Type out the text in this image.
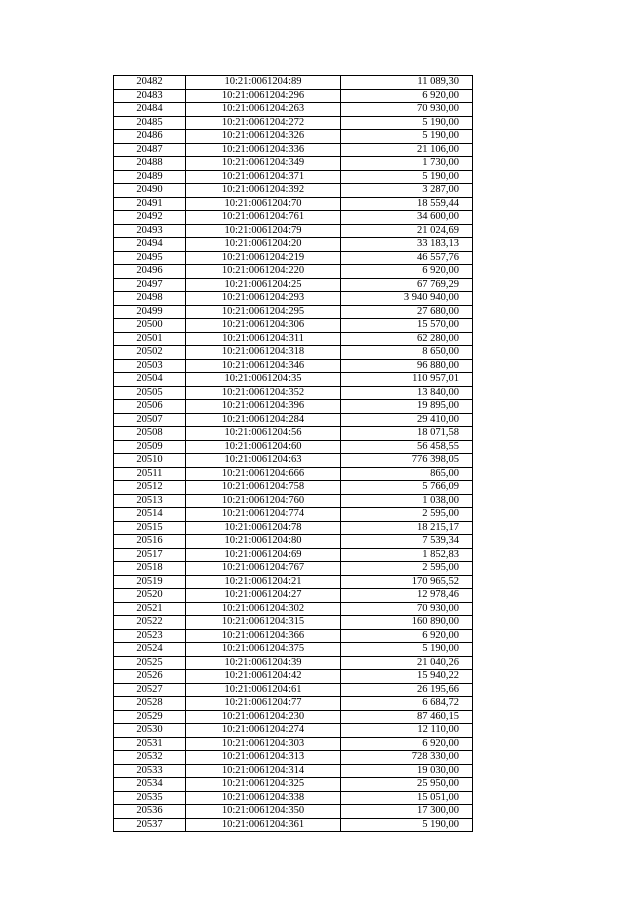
20482	10:21:0061204:89	11 089,30
20483	10:21:0061204:296	6 920,00
20484	10:21:0061204:263	70 930,00
20485	10:21:0061204:272	5 190,00
20486	10:21:0061204:326	5 190,00
20487	10:21:0061204:336	21 106,00
20488	10:21:0061204:349	1 730,00
20489	10:21:0061204:371	5 190,00
20490	10:21:0061204:392	3 287,00
20491	10:21:0061204:70	18 559,44
20492	10:21:0061204:761	34 600,00
20493	10:21:0061204:79	21 024,69
20494	10:21:0061204:20	33 183,13
20495	10:21:0061204:219	46 557,76
20496	10:21:0061204:220	6 920,00
20497	10:21:0061204:25	67 769,29
20498	10:21:0061204:293	3 940 940,00
20499	10:21:0061204:295	27 680,00
20500	10:21:0061204:306	15 570,00
20501	10:21:0061204:311	62 280,00
20502	10:21:0061204:318	8 650,00
20503	10:21:0061204:346	96 880,00
20504	10:21:0061204:35	110 957,01
20505	10:21:0061204:352	13 840,00
20506	10:21:0061204:396	19 895,00
20507	10:21:0061204:284	29 410,00
20508	10:21:0061204:56	18 071,58
20509	10:21:0061204:60	56 458,55
20510	10:21:0061204:63	776 398,05
20511	10:21:0061204:666	865,00
20512	10:21:0061204:758	5 766,09
20513	10:21:0061204:760	1 038,00
20514	10:21:0061204:774	2 595,00
20515	10:21:0061204:78	18 215,17
20516	10:21:0061204:80	7 539,34
20517	10:21:0061204:69	1 852,83
20518	10:21:0061204:767	2 595,00
20519	10:21:0061204:21	170 965,52
20520	10:21:0061204:27	12 978,46
20521	10:21:0061204:302	70 930,00
20522	10:21:0061204:315	160 890,00
20523	10:21:0061204:366	6 920,00
20524	10:21:0061204:375	5 190,00
20525	10:21:0061204:39	21 040,26
20526	10:21:0061204:42	15 940,22
20527	10:21:0061204:61	26 195,66
20528	10:21:0061204:77	6 684,72
20529	10:21:0061204:230	87 460,15
20530	10:21:0061204:274	12 110,00
20531	10:21:0061204:303	6 920,00
20532	10:21:0061204:313	728 330,00
20533	10:21:0061204:314	19 030,00
20534	10:21:0061204:325	25 950,00
20535	10:21:0061204:338	15 051,00
20536	10:21:0061204:350	17 300,00
20537	10:21:0061204:361	5 190,00
